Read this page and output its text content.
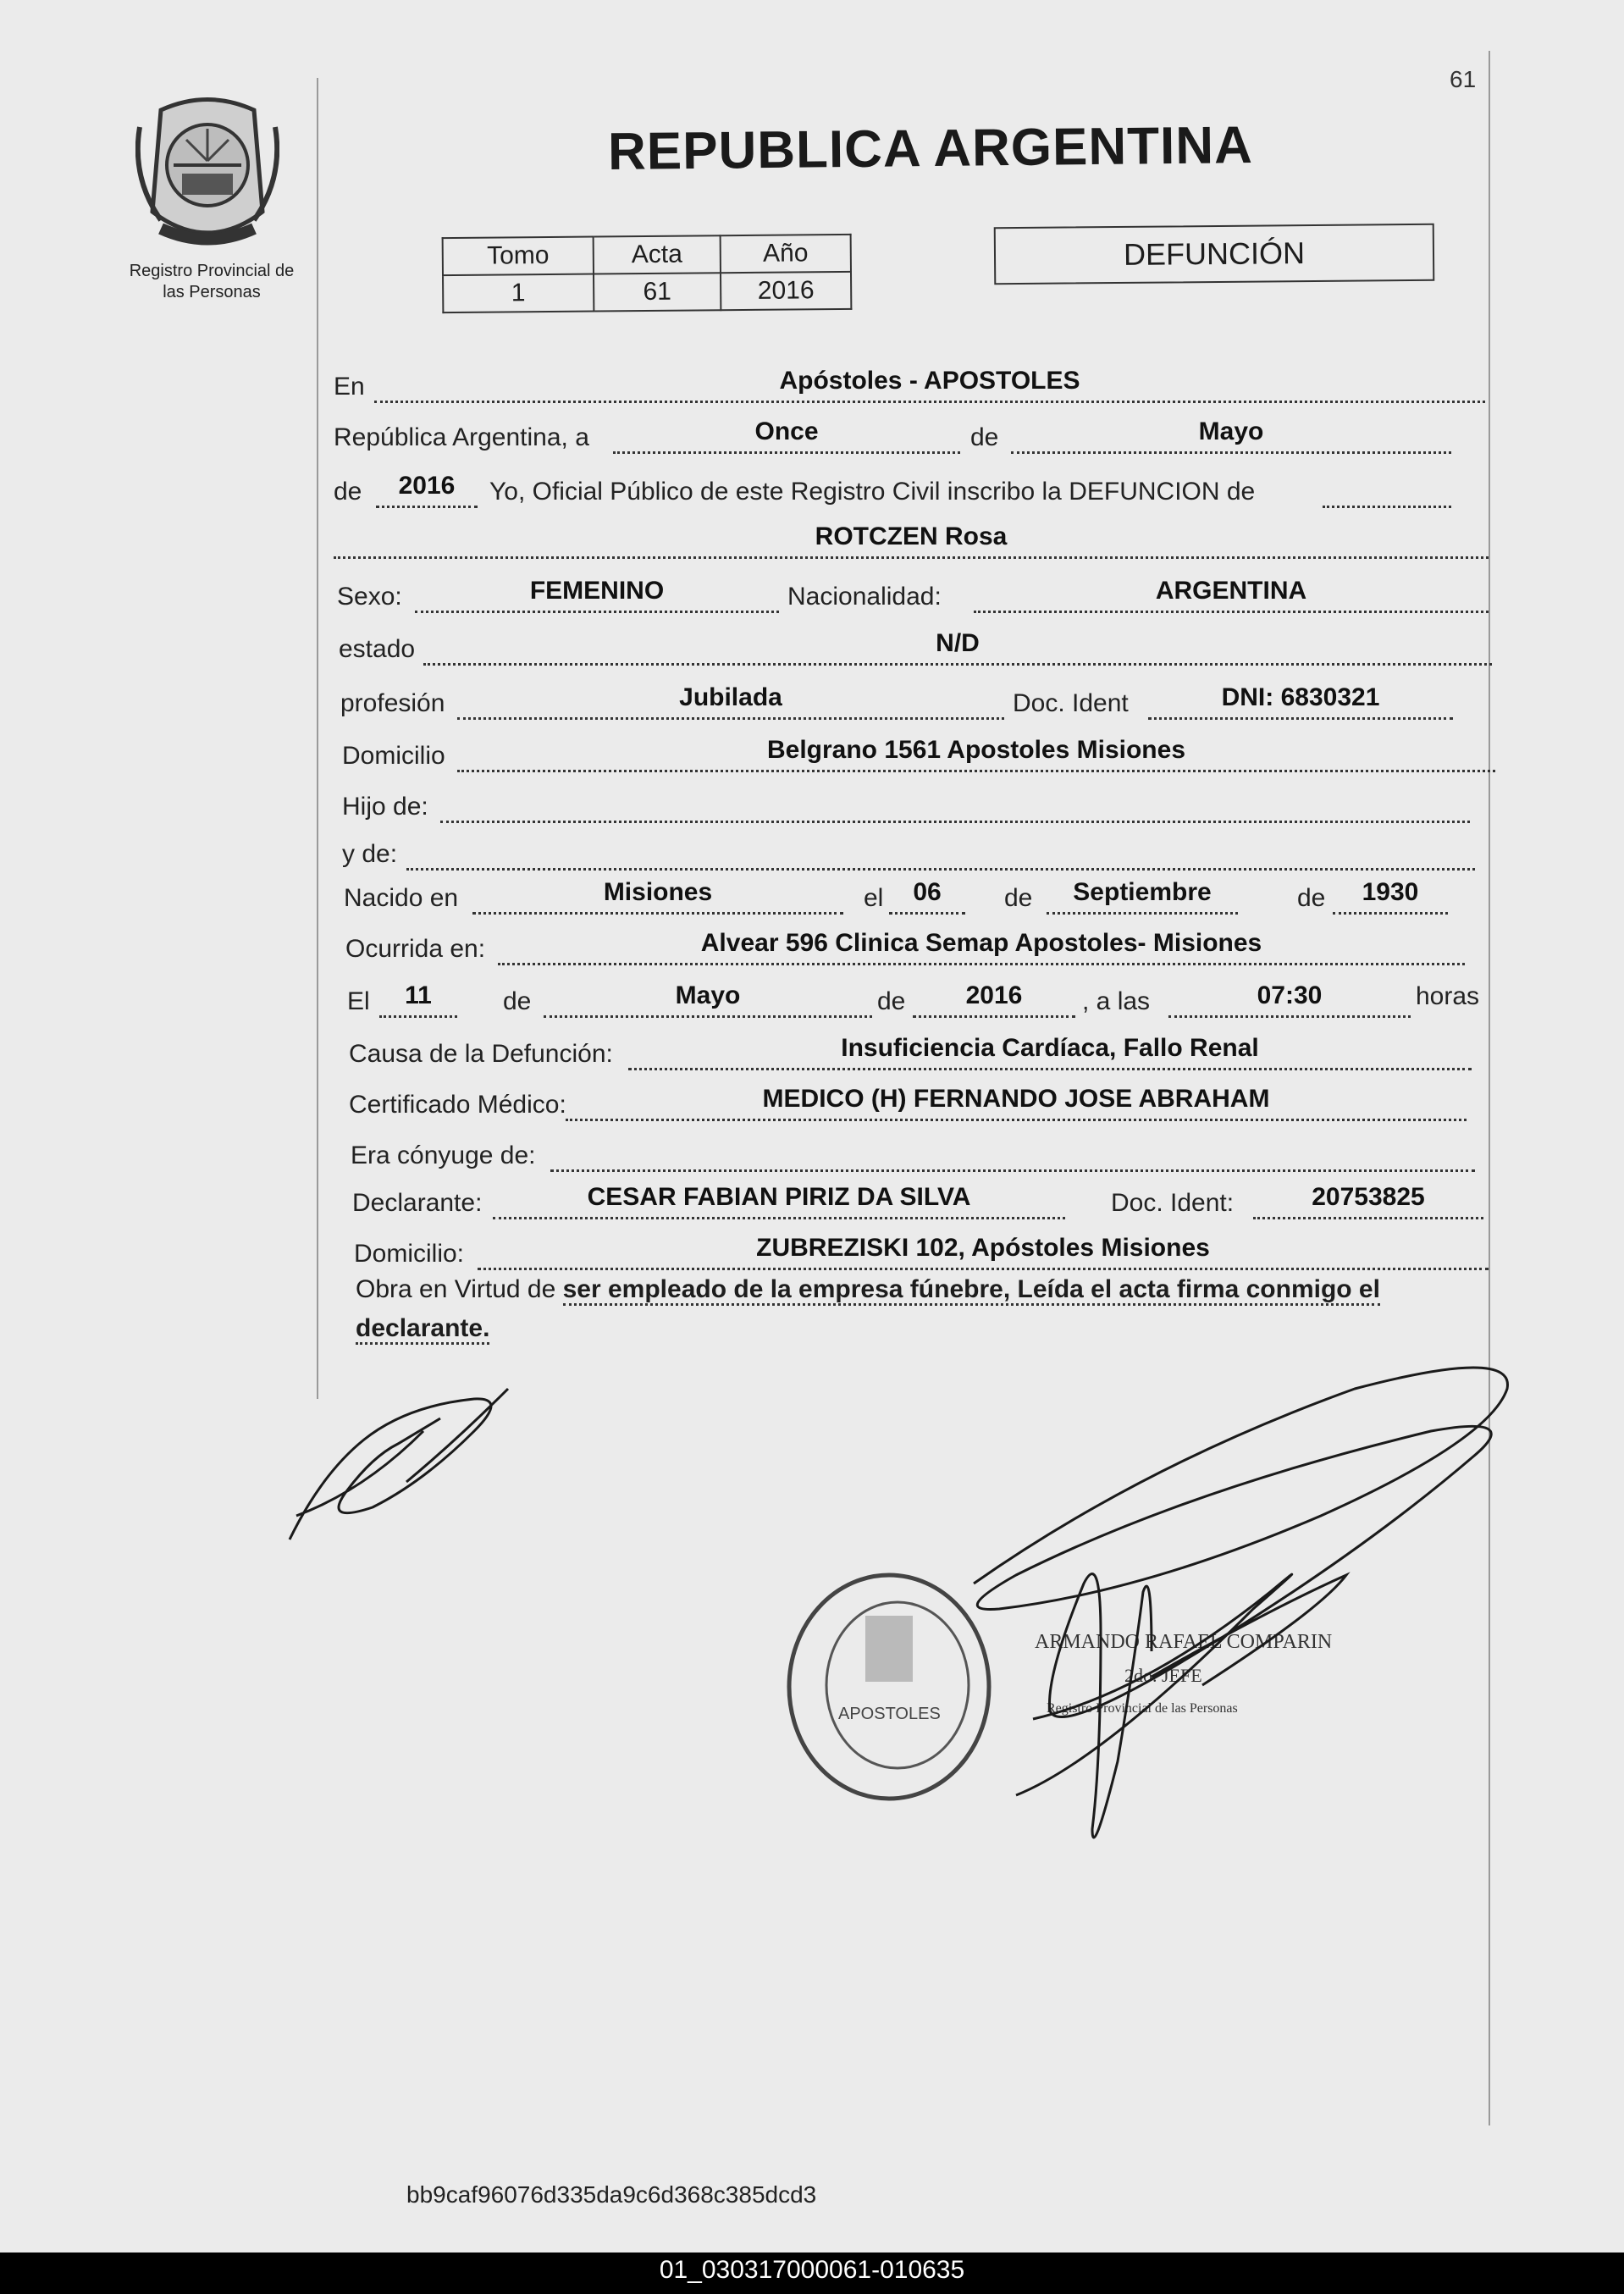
61
Registro Provincial de
las Personas
REPUBLICA ARGENTINA
Tomo	Acta	Año
1	61	2016
DEFUNCIÓN
En	Apóstoles - APOSTOLES
República Argentina, a	Once	de	Mayo
de	2016	Yo, Oficial Público de este Registro Civil inscribo la DEFUNCION de
ROTCZEN Rosa
Sexo:	FEMENINO	Nacionalidad:	ARGENTINA
estado	N/D
profesión	Jubilada	Doc. Ident	DNI: 6830321
Domicilio	Belgrano 1561 Apostoles Misiones
Hijo de:
y de:
Nacido en	Misiones	el	06	de	Septiembre	de	1930
Ocurrida en:	Alvear 596 Clinica Semap Apostoles- Misiones
El	11	de	Mayo	de	2016	, a las	07:30	horas
Causa de la Defunción:	Insuficiencia Cardíaca, Fallo Renal
Certificado Médico:	MEDICO (H) FERNANDO JOSE ABRAHAM
Era cónyuge de:
Declarante:	CESAR FABIAN PIRIZ DA SILVA	Doc. Ident:	20753825
Domicilio:	ZUBREZISKI 102, Apóstoles Misiones
Obra en Virtud de ser empleado de la empresa fúnebre, Leída el acta firma conmigo el declarante.
APOSTOLES
ARMANDO RAFAEL COMPARIN
2do. JEFE
Registro Provincial de las Personas
bb9caf96076d335da9c6d368c385dcd3
01_030317000061-010635
